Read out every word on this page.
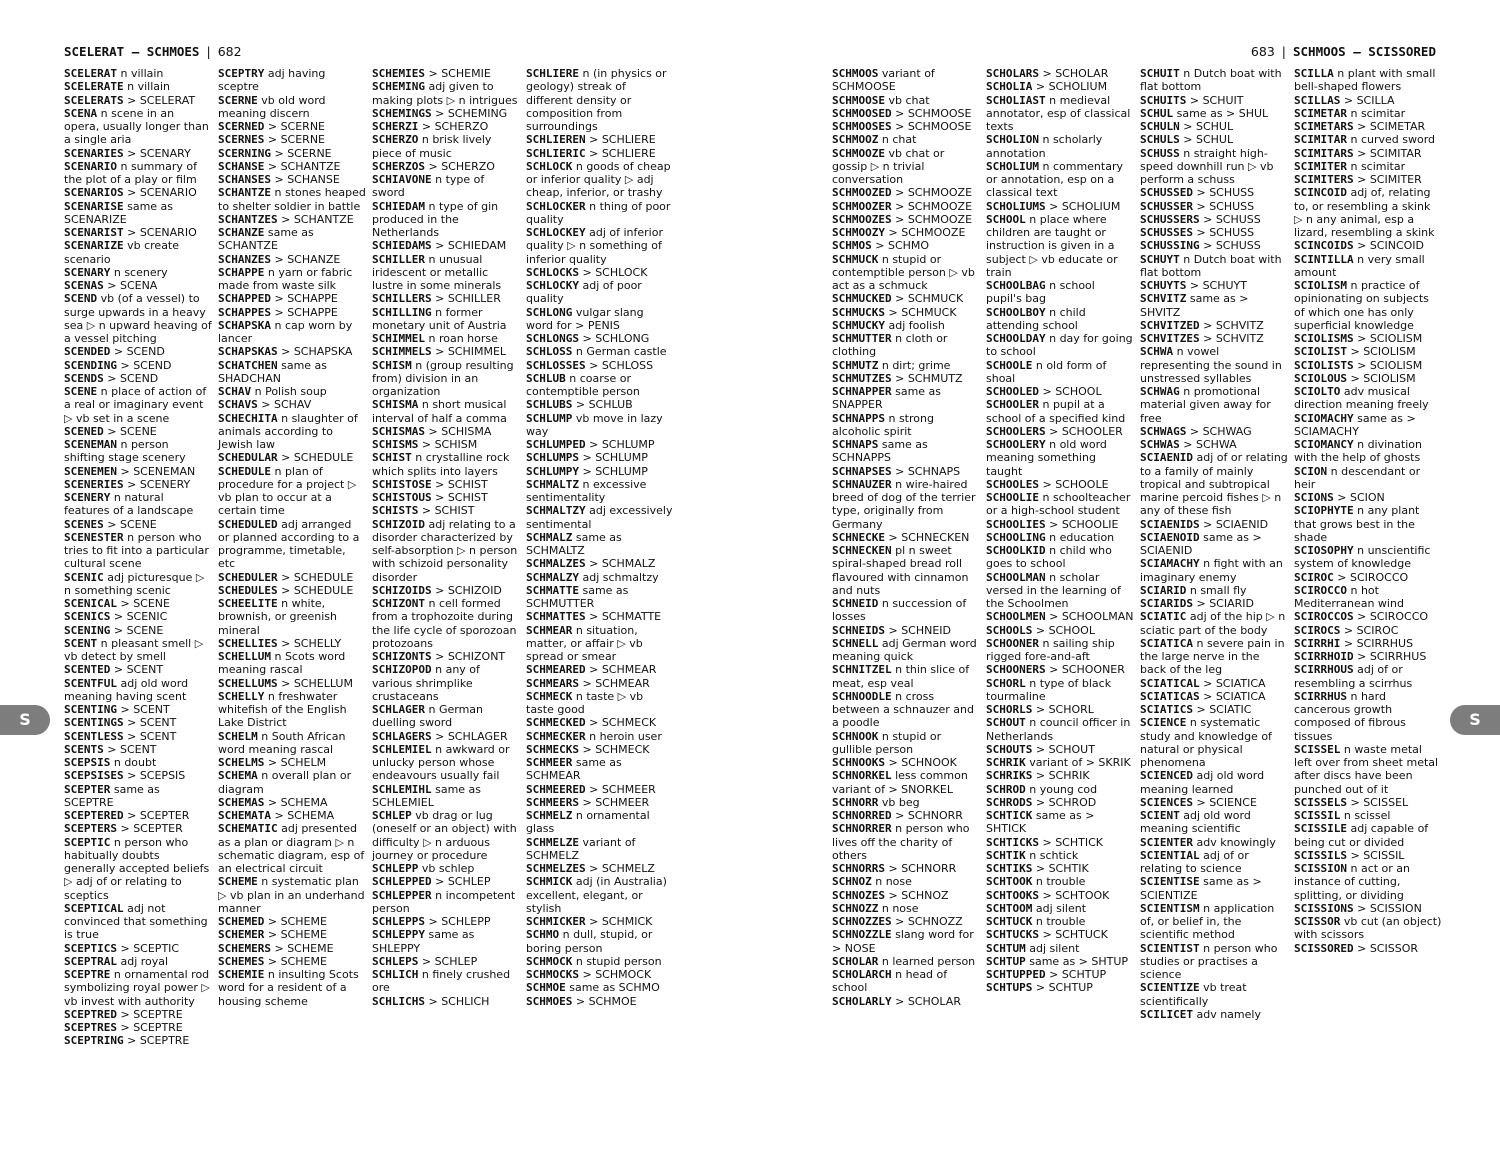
SCELERAT – SCHMOES | 682
SCELERAT n villain
SCELERATE n villain
SCELERATS > SCELERAT
SCENA n scene in an opera, usually longer than a single aria
SCENARIES > SCENARY
SCENARIO n summary of the plot of a play or film
SCENARIOS > SCENARIO
SCENARISE same as SCENARIZE
SCENARIST > SCENARIO
SCENARIZE vb create scenario
SCENARY n scenery
SCENAS > SCENA
SCEND vb (of a vessel) to surge upwards in a heavy sea ▷ n upward heaving of a vessel pitching
SCENDED > SCEND
SCENDING > SCEND
SCENDS > SCEND
SCENE n place of action of a real or imaginary event ▷ vb set in a scene
SCENED > SCENE
SCENEMAN n person shifting stage scenery
SCENEMEN > SCENEMAN
SCENERIES > SCENERY
SCENERY n natural features of a landscape
SCENES > SCENE
SCENESTER n person who tries to fit into a particular cultural scene
SCENIC adj picturesque ▷ n something scenic
SCENICAL > SCENE
SCENICS > SCENIC
SCENING > SCENE
SCENT n pleasant smell ▷ vb detect by smell
SCENTED > SCENT
SCENTFUL adj old word meaning having scent
SCENTING > SCENT
SCENTINGS > SCENT
SCENTLESS > SCENT
SCENTS > SCENT
SCEPSIS n doubt
SCEPSISES > SCEPSIS
SCEPTER same as SCEPTRE
SCEPTERED > SCEPTER
SCEPTERS > SCEPTER
SCEPTIC n person who habitually doubts generally accepted beliefs ▷ adj of or relating to sceptics
SCEPTICAL adj not convinced that something is true
SCEPTICS > SCEPTIC
SCEPTRAL adj royal
SCEPTRE n ornamental rod symbolizing royal power ▷ vb invest with authority
SCEPTRED > SCEPTRE
SCEPTRES > SCEPTRE
SCEPTRING > SCEPTRE
SCEPTRY adj having sceptre
SCERNE vb old word meaning discern
SCERNED > SCERNE
SCERNES > SCERNE
SCERNING > SCERNE
SCHANSE > SCHANTZE
SCHANSES > SCHANSE
SCHANTZE n stones heaped to shelter soldier in battle
SCHANTZES > SCHANTZE
SCHANZE same as SCHANTZE
SCHANZES > SCHANZE
SCHAPPE n yarn or fabric made from waste silk
SCHAPPED > SCHAPPE
SCHAPPES > SCHAPPE
SCHAPSKA n cap worn by lancer
SCHAPSKAS > SCHAPSKA
SCHATCHEN same as SHADCHAN
SCHAV n Polish soup
SCHAVS > SCHAV
SCHECHITA n slaughter of animals according to Jewish law
SCHEDULAR > SCHEDULE
SCHEDULE n plan of procedure for a project ▷ vb plan to occur at a certain time
SCHEDULED adj arranged or planned according to a programme, timetable, etc
SCHEDULER > SCHEDULE
SCHEDULES > SCHEDULE
SCHEELITE n white, brownish, or greenish mineral
SCHELLIES > SCHELLY
SCHELLUM n Scots word meaning rascal
SCHELLUMS > SCHELLUM
SCHELLY n freshwater whitefish of the English Lake District
SCHELM n South African word meaning rascal
SCHELMS > SCHELM
SCHEMA n overall plan or diagram
SCHEMAS > SCHEMA
SCHEMATA > SCHEMA
SCHEMATIC adj presented as a plan or diagram ▷ n schematic diagram, esp of an electrical circuit
SCHEME n systematic plan ▷ vb plan in an underhand manner
SCHEMED > SCHEME
SCHEMER > SCHEME
SCHEMERS > SCHEME
SCHEMES > SCHEME
SCHEMIE n insulting Scots word for a resident of a housing scheme
SCHEMIES > SCHEMIE
SCHEMING adj given to making plots ▷ n intrigues
SCHEMINGS > SCHEMING
SCHERZI > SCHERZO
SCHERZO n brisk lively piece of music
SCHERZOS > SCHERZO
SCHIAVONE n type of sword
SCHIEDAM n type of gin produced in the Netherlands
SCHIEDAMS > SCHIEDAM
SCHILLER n unusual iridescent or metallic lustre in some minerals
SCHILLERS > SCHILLER
SCHILLING n former monetary unit of Austria
SCHIMMEL n roan horse
SCHIMMELS > SCHIMMEL
SCHISM n (group resulting from) division in an organization
SCHISMA n short musical interval of half a comma
SCHISMAS > SCHISMA
SCHISMS > SCHISM
SCHIST n crystalline rock which splits into layers
SCHISTOSE > SCHIST
SCHISTOUS > SCHIST
SCHISTS > SCHIST
SCHIZOID adj relating to a disorder characterized by self-absorption ▷ n person with schizoid personality disorder
SCHIZOIDS > SCHIZOID
SCHIZONT n cell formed from a trophozoite during the life cycle of sporozoan protozoans
SCHIZONTS > SCHIZONT
SCHIZOPOD n any of various shrimplike crustaceans
SCHLAGER n German duelling sword
SCHLAGERS > SCHLAGER
SCHLEMIEL n awkward or unlucky person whose endeavours usually fail
SCHLEMIHL same as SCHLEMIEL
SCHLEP vb drag or lug (oneself or an object) with difficulty ▷ n arduous journey or procedure
SCHLEPP vb schlep
SCHLEPPED > SCHLEP
SCHLEPPER n incompetent person
SCHLEPPS > SCHLEPP
SCHLEPPY same as SHLEPPY
SCHLEPS > SCHLEP
SCHLICH n finely crushed ore
SCHLICHS > SCHLICH
SCHLIERE n (in physics or geology) streak of different density or composition from surroundings
SCHLIEREN > SCHLIERE
SCHLIERIC > SCHLIERE
SCHLOCK n goods of cheap or inferior quality ▷ adj cheap, inferior, or trashy
SCHLOCKER n thing of poor quality
SCHLOCKEY adj of inferior quality ▷ n something of inferior quality
SCHLOCKS > SCHLOCK
SCHLOCKY adj of poor quality
SCHLONG vulgar slang word for > PENIS
SCHLONGS > SCHLONG
SCHLOSS n German castle
SCHLOSSES > SCHLOSS
SCHLUB n coarse or contemptible person
SCHLUBS > SCHLUB
SCHLUMP vb move in lazy way
SCHLUMPED > SCHLUMP
SCHLUMPS > SCHLUMP
SCHLUMPY > SCHLUMP
SCHMALTZ n excessive sentimentality
SCHMALTZY adj excessively sentimental
SCHMALZ same as SCHMALTZ
SCHMALZES > SCHMALZ
SCHMALZY adj schmaltzy
SCHMATTE same as SCHMUTTER
SCHMATTES > SCHMATTE
SCHMEAR n situation, matter, or affair ▷ vb spread or smear
SCHMEARED > SCHMEAR
SCHMEARS > SCHMEAR
SCHMECK n taste ▷ vb taste good
SCHMECKED > SCHMECK
SCHMECKER n heroin user
SCHMECKS > SCHMECK
SCHMEER same as SCHMEAR
SCHMEERED > SCHMEER
SCHMEERS > SCHMEER
SCHMELZ n ornamental glass
SCHMELZE variant of SCHMELZ
SCHMELZES > SCHMELZ
SCHMICK adj (in Australia) excellent, elegant, or stylish
SCHMICKER > SCHMICK
SCHMO n dull, stupid, or boring person
SCHMOCK n stupid person
SCHMOCKS > SCHMOCK
SCHMOE same as SCHMO
SCHMOES > SCHMOE
S
683 | SCHMOOS – SCISSORED
SCHMOOS variant of SCHMOOSE
SCHMOOSE vb chat
SCHMOOSED > SCHMOOSE
SCHMOOSES > SCHMOOSE
SCHMOOZ n chat
SCHMOOZE vb chat or gossip ▷ n trivial conversation
SCHMOOZED > SCHMOOZE
SCHMOOZER > SCHMOOZE
SCHMOOZES > SCHMOOZE
SCHMOOZY > SCHMOOZE
SCHMOS > SCHMO
SCHMUCK n stupid or contemptible person ▷ vb act as a schmuck
SCHMUCKED > SCHMUCK
SCHMUCKS > SCHMUCK
SCHMUCKY adj foolish
SCHMUTTER n cloth or clothing
SCHMUTZ n dirt; grime
SCHMUTZES > SCHMUTZ
SCHNAPPER same as SNAPPER
SCHNAPPS n strong alcoholic spirit
SCHNAPS same as SCHNAPPS
SCHNAPSES > SCHNAPS
SCHNAUZER n wire-haired breed of dog of the terrier type, originally from Germany
SCHNECKE > SCHNECKEN
SCHNECKEN pl n sweet spiral-shaped bread roll flavoured with cinnamon and nuts
SCHNEID n succession of losses
SCHNEIDS > SCHNEID
SCHNELL adj German word meaning quick
SCHNITZEL n thin slice of meat, esp veal
SCHNOODLE n cross between a schnauzer and a poodle
SCHNOOK n stupid or gullible person
SCHNOOKS > SCHNOOK
SCHNORKEL less common variant of > SNORKEL
SCHNORR vb beg
SCHNORRED > SCHNORR
SCHNORRER n person who lives off the charity of others
SCHNORRS > SCHNORR
SCHNOZ n nose
SCHNOZES > SCHNOZ
SCHNOZZ n nose
SCHNOZZES > SCHNOZZ
SCHNOZZLE slang word for > NOSE
SCHOLAR n learned person
SCHOLARCH n head of school
SCHOLARLY > SCHOLAR
SCHOLARS > SCHOLAR
SCHOLIA > SCHOLIUM
SCHOLIAST n medieval annotator, esp of classical texts
SCHOLION n scholarly annotation
SCHOLIUM n commentary or annotation, esp on a classical text
SCHOLIUMS > SCHOLIUM
SCHOOL n place where children are taught or instruction is given in a subject ▷ vb educate or train
SCHOOLBAG n school pupil's bag
SCHOOLBOY n child attending school
SCHOOLDAY n day for going to school
SCHOOLE n old form of shoal
SCHOOLED > SCHOOL
SCHOOLER n pupil at a school of a specified kind
SCHOOLERS > SCHOOLER
SCHOOLERY n old word meaning something taught
SCHOOLES > SCHOOLE
SCHOOLIE n schoolteacher or a high-school student
SCHOOLIES > SCHOOLIE
SCHOOLING n education
SCHOOLKID n child who goes to school
SCHOOLMAN n scholar versed in the learning of the Schoolmen
SCHOOLMEN > SCHOOLMAN
SCHOOLS > SCHOOL
SCHOONER n sailing ship rigged fore-and-aft
SCHOONERS > SCHOONER
SCHORL n type of black tourmaline
SCHORLS > SCHORL
SCHOUT n council officer in Netherlands
SCHOUTS > SCHOUT
SCHRIK variant of > SKRIK
SCHRIKS > SCHRIK
SCHROD n young cod
SCHRODS > SCHROD
SCHTICK same as > SHTICK
SCHTICKS > SCHTICK
SCHTIK n schtick
SCHTIKS > SCHTIK
SCHTOOK n trouble
SCHTOOKS > SCHTOOK
SCHTOOM adj silent
SCHTUCK n trouble
SCHTUCKS > SCHTUCK
SCHTUM adj silent
SCHTUP same as > SHTUP
SCHTUPPED > SCHTUP
SCHTUPS > SCHTUP
SCHUIT n Dutch boat with flat bottom
SCHUITS > SCHUIT
SCHUL same as > SHUL
SCHULN > SCHUL
SCHULS > SCHUL
SCHUSS n straight high-speed downhill run ▷ vb perform a schuss
SCHUSSED > SCHUSS
SCHUSSER > SCHUSS
SCHUSSERS > SCHUSS
SCHUSSES > SCHUSS
SCHUSSING > SCHUSS
SCHUYT n Dutch boat with flat bottom
SCHUYTS > SCHUYT
SCHVITZ same as > SHVITZ
SCHVITZED > SCHVITZ
SCHVITZES > SCHVITZ
SCHWA n vowel representing the sound in unstressed syllables
SCHWAG n promotional material given away for free
SCHWAGS > SCHWAG
SCHWAS > SCHWA
SCIAENID adj of or relating to a family of mainly tropical and subtropical marine percoid fishes ▷ n any of these fish
SCIAENIDS > SCIAENID
SCIAENOID same as > SCIAENID
SCIAMACHY n fight with an imaginary enemy
SCIARID n small fly
SCIARIDS > SCIARID
SCIATIC adj of the hip ▷ n sciatic part of the body
SCIATICA n severe pain in the large nerve in the back of the leg
SCIATICAL > SCIATICA
SCIATICAS > SCIATICA
SCIATICS > SCIATIC
SCIENCE n systematic study and knowledge of natural or physical phenomena
SCIENCED adj old word meaning learned
SCIENCES > SCIENCE
SCIENT adj old word meaning scientific
SCIENTER adv knowingly
SCIENTIAL adj of or relating to science
SCIENTISE same as > SCIENTIZE
SCIENTISM n application of, or belief in, the scientific method
SCIENTIST n person who studies or practises a science
SCIENTIZE vb treat scientifically
SCILICET adv namely
SCILLA n plant with small bell-shaped flowers
SCILLAS > SCILLA
SCIMETAR n scimitar
SCIMETARS > SCIMETAR
SCIMITAR n curved sword
SCIMITARS > SCIMITAR
SCIMITER n scimitar
SCIMITERS > SCIMITER
SCINCOID adj of, relating to, or resembling a skink ▷ n any animal, esp a lizard, resembling a skink
SCINCOIDS > SCINCOID
SCINTILLA n very small amount
SCIOLISM n practice of opinionating on subjects of which one has only superficial knowledge
SCIOLISMS > SCIOLISM
SCIOLIST > SCIOLISM
SCIOLISTS > SCIOLISM
SCIOLOUS > SCIOLISM
SCIOLTO adv musical direction meaning freely
SCIOMACHY same as > SCIAMACHY
SCIOMANCY n divination with the help of ghosts
SCION n descendant or heir
SCIONS > SCION
SCIOPHYTE n any plant that grows best in the shade
SCIOSOPHY n unscientific system of knowledge
SCIROC > SCIROCCO
SCIROCCO n hot Mediterranean wind
SCIROCCOS > SCIROCCO
SCIROCS > SCIROC
SCIRRHI > SCIRRHUS
SCIRRHOID > SCIRRHUS
SCIRRHOUS adj of or resembling a scirrhus
SCIRRHUS n hard cancerous growth composed of fibrous tissues
SCISSEL n waste metal left over from sheet metal after discs have been punched out of it
SCISSELS > SCISSEL
SCISSIL n scissel
SCISSILE adj capable of being cut or divided
SCISSILS > SCISSIL
SCISSION n act or an instance of cutting, splitting, or dividing
SCISSIONS > SCISSION
SCISSOR vb cut (an object) with scissors
SCISSORED > SCISSOR
S
